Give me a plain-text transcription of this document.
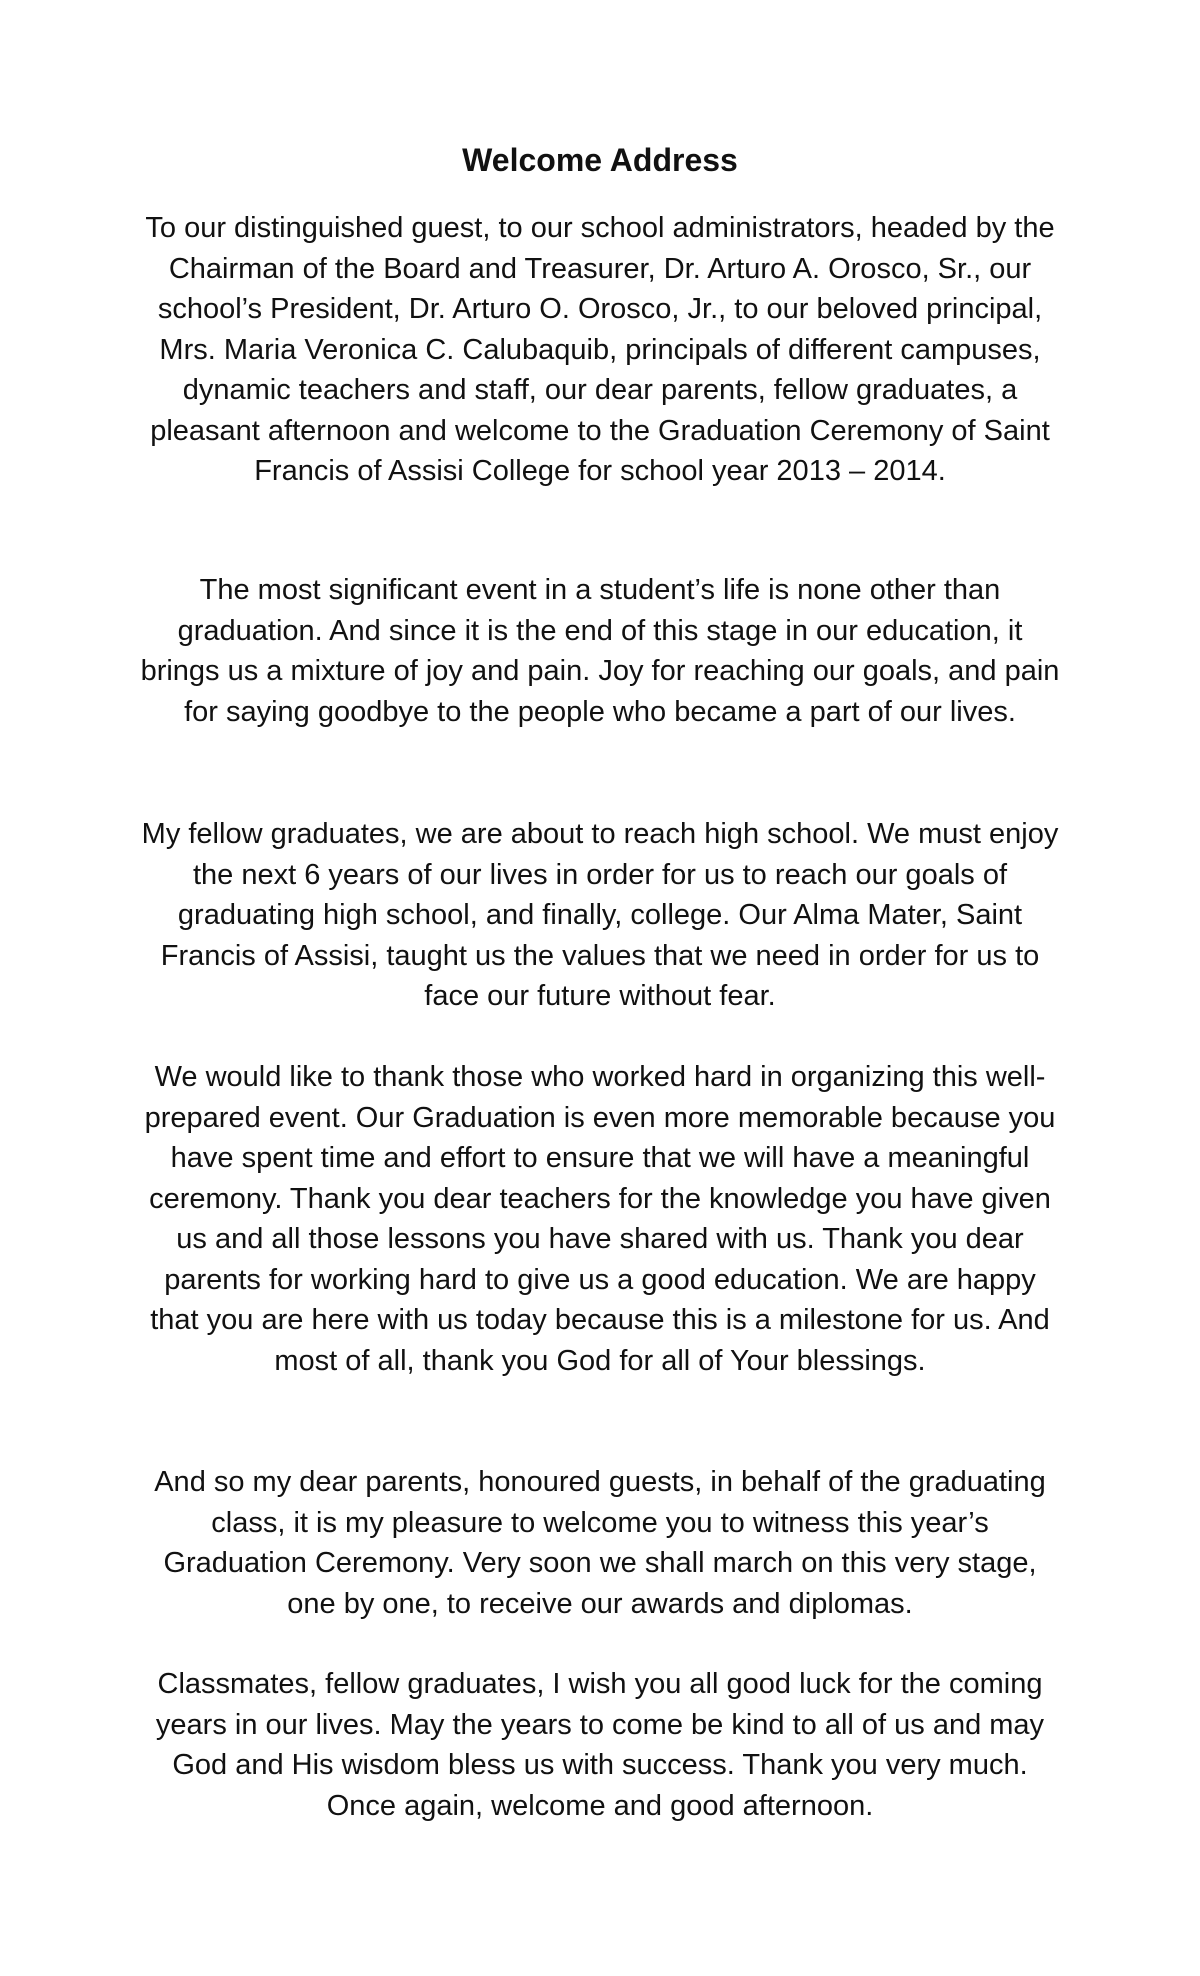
Welcome Address

To our distinguished guest, to our school administrators, headed by the Chairman of the Board and Treasurer, Dr. Arturo A. Orosco, Sr., our school’s President, Dr. Arturo O. Orosco, Jr., to our beloved principal, Mrs. Maria Veronica C. Calubaquib, principals of different campuses, dynamic teachers and staff, our dear parents, fellow graduates, a pleasant afternoon and welcome to the Graduation Ceremony of Saint Francis of Assisi College for school year 2013 – 2014.

The most significant event in a student’s life is none other than graduation. And since it is the end of this stage in our education, it brings us a mixture of joy and pain. Joy for reaching our goals, and pain for saying goodbye to the people who became a part of our lives.

My fellow graduates, we are about to reach high school. We must enjoy the next 6 years of our lives in order for us to reach our goals of graduating high school, and finally, college. Our Alma Mater, Saint Francis of Assisi, taught us the values that we need in order for us to face our future without fear.

We would like to thank those who worked hard in organizing this well-prepared event. Our Graduation is even more memorable because you have spent time and effort to ensure that we will have a meaningful ceremony. Thank you dear teachers for the knowledge you have given us and all those lessons you have shared with us. Thank you dear parents for working hard to give us a good education. We are happy that you are here with us today because this is a milestone for us. And most of all, thank you God for all of Your blessings.

And so my dear parents, honoured guests, in behalf of the graduating class, it is my pleasure to welcome you to witness this year’s Graduation Ceremony. Very soon we shall march on this very stage, one by one, to receive our awards and diplomas.

Classmates, fellow graduates, I wish you all good luck for the coming years in our lives. May the years to come be kind to all of us and may God and His wisdom bless us with success. Thank you very much. Once again, welcome and good afternoon.
